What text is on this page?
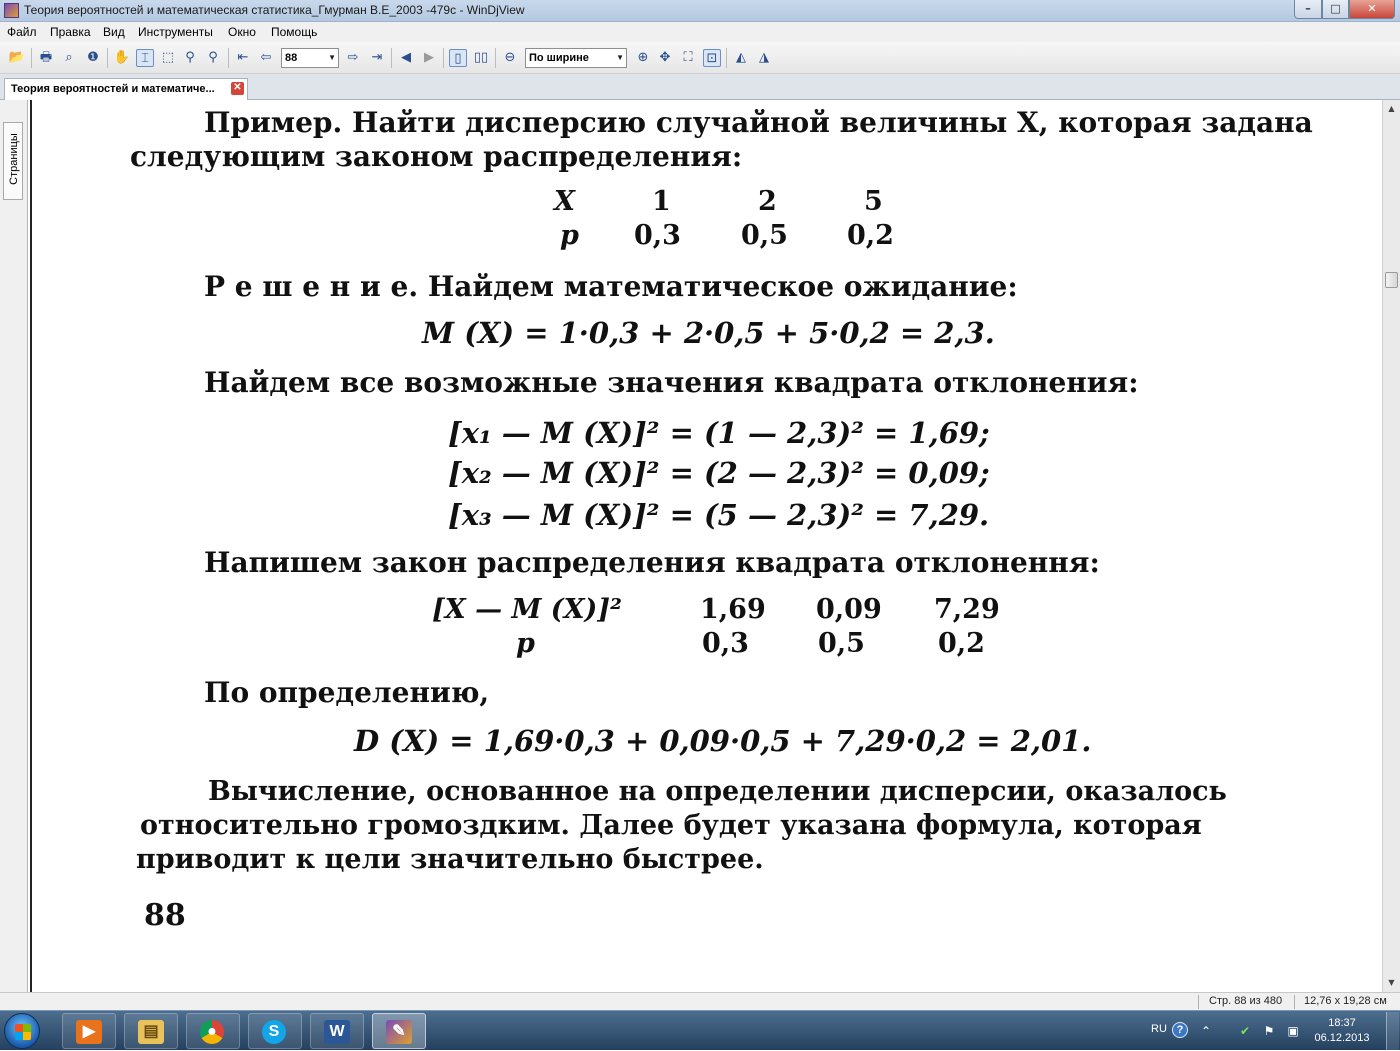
Теория вероятностей и математическая статистика_Гмурман В.Е_2003 -479с - WinDjView	–	□	✕
Файл Правка Вид Инструменты Окно Помощь
📂 🖶	⌕	❶ ✋ ⌶ ⬚ ⚲	⚲	⇤ ⇦	88	▼ ⇨ ⇥	◀	▶	▯ ▯▯ ⊖	По ширине	▼ ⊕ ✥ ⛶	⊡	◭	◮
Теория вероятностей и математиче... ✕
Страницы
Пример. Найти дисперсию случайной величины X, которая задана
следующим законом распределения:
X	1	2	5
p 0,3 0,5 0,2
Р е ш е н и е. Найдем математическое ожидание:
M (X) = 1·0,3 + 2·0,5 + 5·0,2 = 2,3.
Найдем все возможные значения квадрата отклонения:
[x₁ — M (X)]² = (1 — 2,3)² = 1,69;
[x₂ — M (X)]² = (2 — 2,3)² = 0,09;
[x₃ — M (X)]² = (5 — 2,3)² = 7,29.
Напишем закон распределения квадрата отклонення:
[X — M (X)]²	1,69 0,09 7,29
p	0,3	0,5	0,2
По определению,
D (X) = 1,69·0,3 + 0,09·0,5 + 7,29·0,2 = 2,01.
Вычисление, основанное на определении дисперсии, оказалось
относительно громоздким. Далее будет указана формула, которая
приводит к цели значительно быстрее.
88
▲
▼
Стр. 88 из 480 12,76 x 19,28 см
▶	▤	●	S	W	✎	RU ?	⌃ ✔ ⚑ ▣
18:37
06.12.2013
